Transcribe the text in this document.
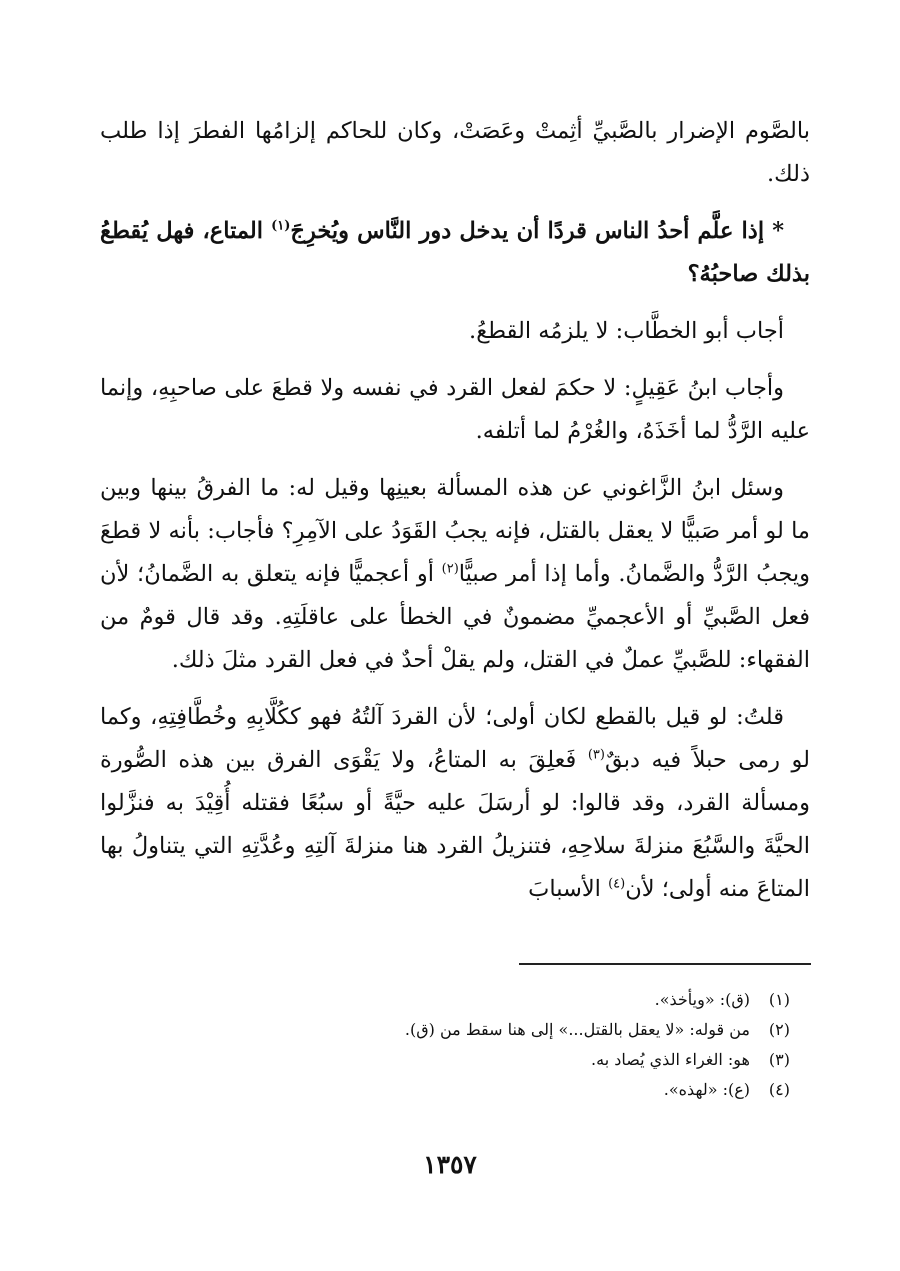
بالصَّوم الإضرار بالصَّبيِّ أثِمتْ وعَصَتْ، وكان للحاكم إلزامُها الفطرَ إذا طلب ذلك.

* إذا علَّم أحدُ الناس قردًا أن يدخل دور النَّاس ويُخرِجَ$^{(١)}$ المتاع، فهل يُقطعُ بذلك صاحبُهُ؟

أجاب أبو الخطَّاب: لا يلزمُه القطعُ.

وأجاب ابنُ عَقِيلٍ: لا حكمَ لفعل القرد في نفسه ولا قطعَ على صاحبِهِ، وإنما عليه الرَّدُّ لما أخَذَهُ، والغُرْمُ لما أتلفه.

وسئل ابنُ الزَّاغوني عن هذه المسألة بعينِها وقيل له: ما الفرقُ بينها وبين ما لو أمر صَبيًّا لا يعقل بالقتل، فإنه يجبُ القَوَدُ على الآمِرِ؟ فأجاب: بأنه لا قطعَ ويجبُ الرَّدُّ والضَّمانُ. وأما إذا أمر صبيًّا$^{(٢)}$ أو أعجميًّا فإنه يتعلق به الضَّمانُ؛ لأن فعل الصَّبيِّ أو الأعجميِّ مضمونٌ في الخطأ على عاقلَتِهِ. وقد قال قومٌ من الفقهاء: للصَّبيِّ عملٌ في القتل، ولم يقلْ أحدٌ في فعل القرد مثلَ ذلك.

قلتُ: لو قيل بالقطع لكان أولى؛ لأن القردَ آلتُهُ فهو ككُلَّابِهِ وخُطَّافِتِهِ، وكما لو رمى حبلاً فيه دبقٌ$^{(٣)}$ فَعلِقَ به المتاعُ، ولا يَقْوَى الفرق بين هذه الصُّورة ومسألة القرد، وقد قالوا: لو أرسَلَ عليه حيَّةً أو سبُعًا فقتله أُقِيْدَ به فنزَّلوا الحيَّةَ والسَّبُعَ منزلةَ سلاحِهِ، فتنزيلُ القرد هنا منزلةَ آلتِهِ وعُدَّتِهِ التي يتناولُ بها المتاعَ منه أولى؛ لأن$^{(٤)}$ الأسبابَ

(١)
(ق): «ويأخذ».
(٢)
من قوله: «لا يعقل بالقتل...» إلى هنا سقط من (ق).
(٣)
هو: الغراء الذي يُصاد به.
(٤)
(ع): «لهذه».
١٣٥٧
